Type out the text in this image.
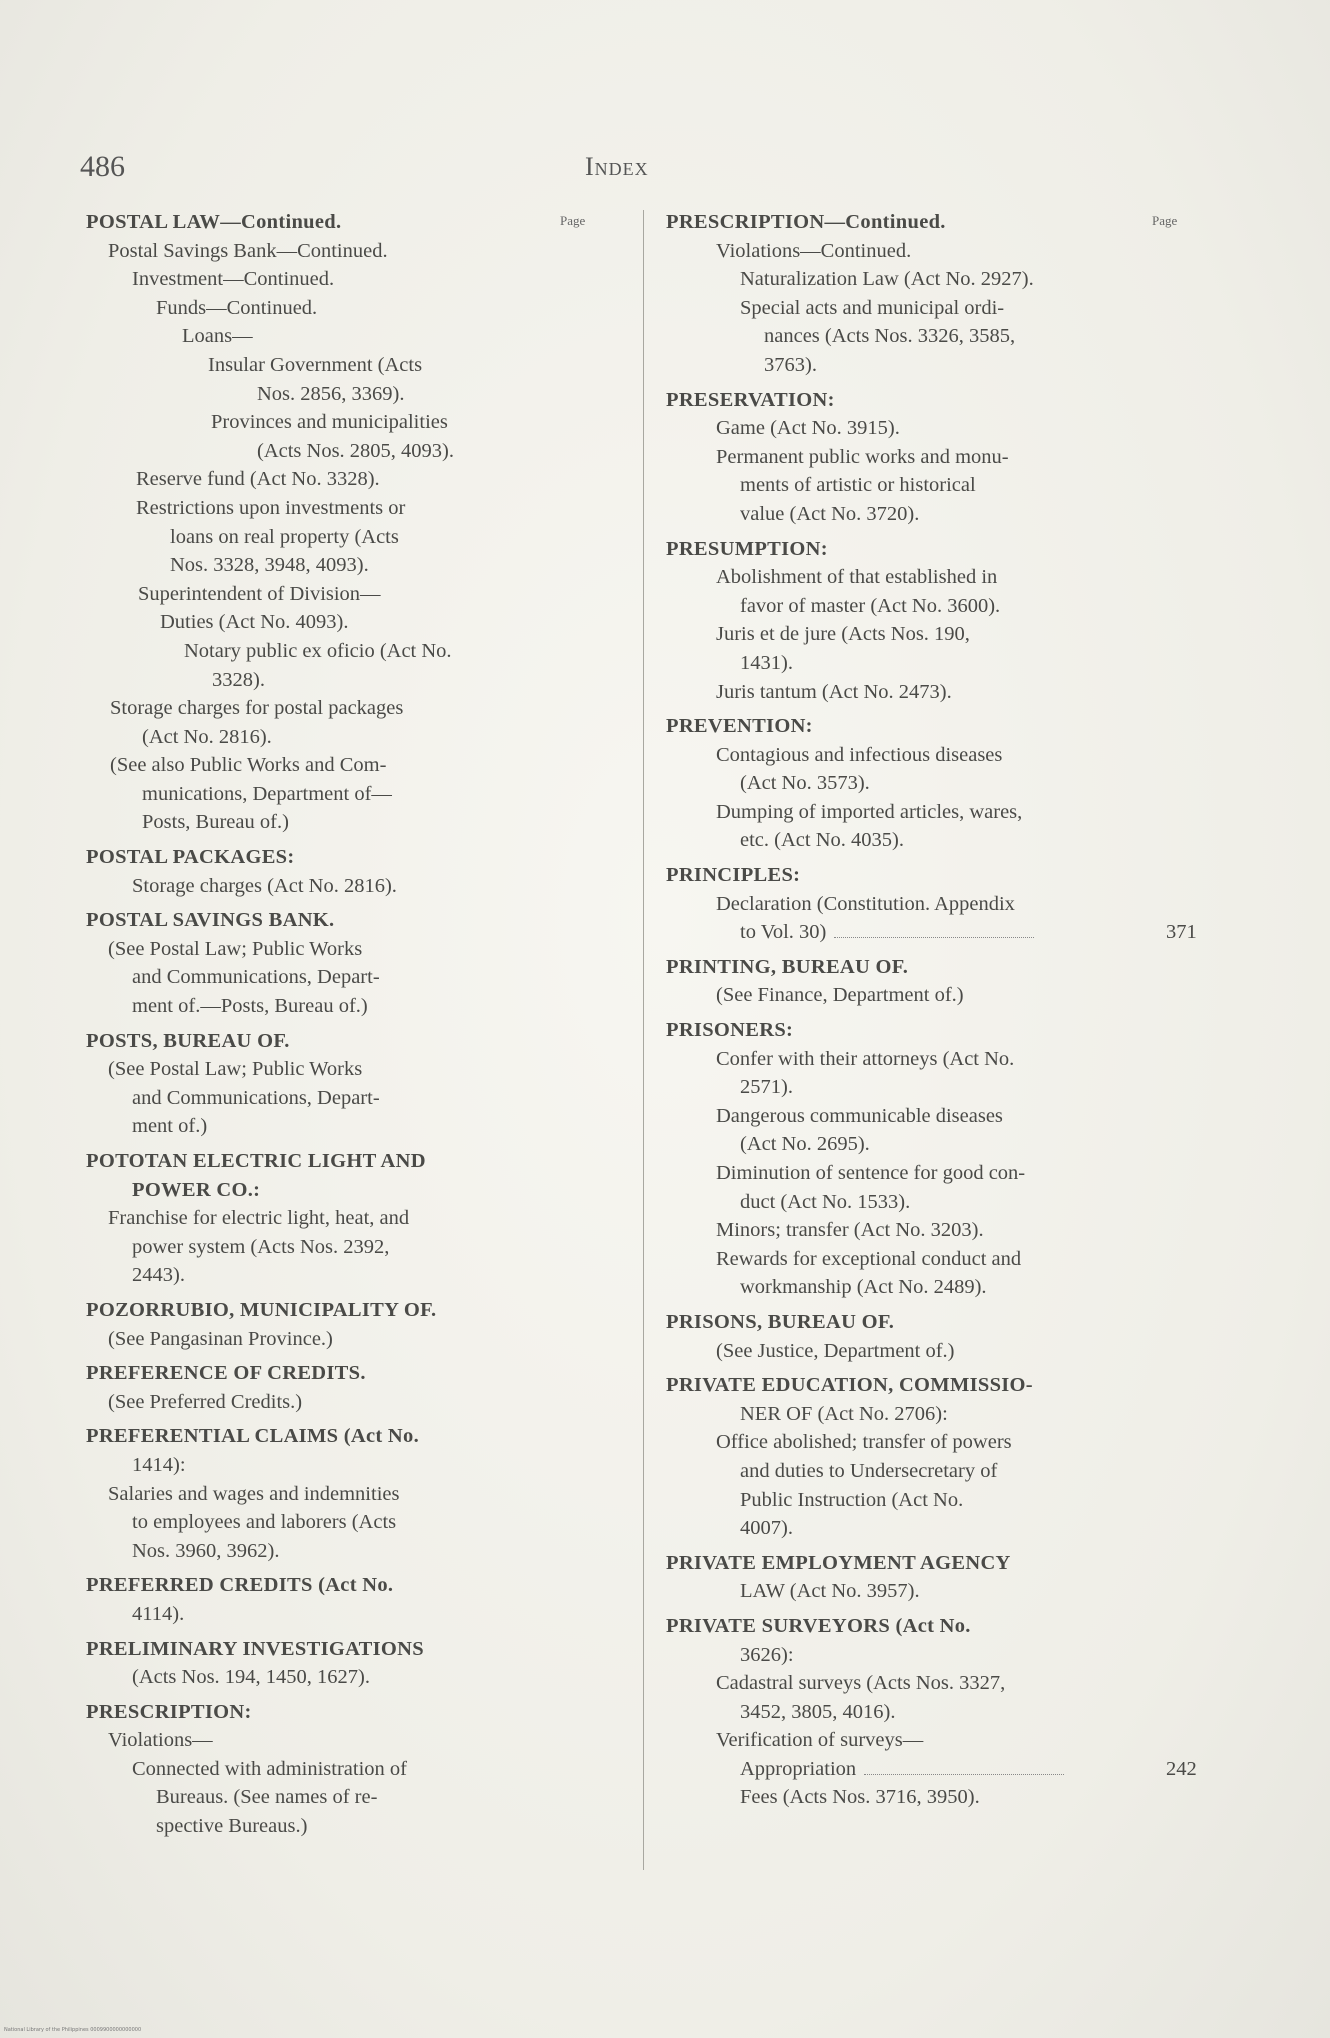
486	Index
Page	Page
POSTAL LAW—Continued.
Postal Savings Bank—Continued.
Investment—Continued.
Funds—Continued.
Loans—
Insular Government (Acts
Nos. 2856, 3369).
Provinces and municipalities
(Acts Nos. 2805, 4093).
Reserve fund (Act No. 3328).
Restrictions upon investments or
loans on real property (Acts
Nos. 3328, 3948, 4093).
Superintendent of Division—
Duties (Act No. 4093).
Notary public ex oficio (Act No.
3328).
Storage charges for postal packages
(Act No. 2816).
(See also Public Works and Com-
munications, Department of—
Posts, Bureau of.)
POSTAL PACKAGES:
Storage charges (Act No. 2816).
POSTAL SAVINGS BANK.
(See Postal Law; Public Works
and Communications, Depart-
ment of.—Posts, Bureau of.)
POSTS, BUREAU OF.
(See Postal Law; Public Works
and Communications, Depart-
ment of.)
POTOTAN ELECTRIC LIGHT AND
POWER CO.:
Franchise for electric light, heat, and
power system (Acts Nos. 2392,
2443).
POZORRUBIO, MUNICIPALITY OF.
(See Pangasinan Province.)
PREFERENCE OF CREDITS.
(See Preferred Credits.)
PREFERENTIAL CLAIMS (Act No.
1414):
Salaries and wages and indemnities
to employees and laborers (Acts
Nos. 3960, 3962).
PREFERRED CREDITS (Act No.
4114).
PRELIMINARY INVESTIGATIONS
(Acts Nos. 194, 1450, 1627).
PRESCRIPTION:
Violations—
Connected with administration of
Bureaus. (See names of re-
spective Bureaus.)
PRESCRIPTION—Continued.
Violations—Continued.
Naturalization Law (Act No. 2927).
Special acts and municipal ordi-
nances (Acts Nos. 3326, 3585,
3763).
PRESERVATION:
Game (Act No. 3915).
Permanent public works and monu-
ments of artistic or historical
value (Act No. 3720).
PRESUMPTION:
Abolishment of that established in
favor of master (Act No. 3600).
Juris et de jure (Acts Nos. 190,
1431).
Juris tantum (Act No. 2473).
PREVENTION:
Contagious and infectious diseases
(Act No. 3573).
Dumping of imported articles, wares,
etc. (Act No. 4035).
PRINCIPLES:
Declaration (Constitution. Appendix
to Vol. 30)	371
PRINTING, BUREAU OF.
(See Finance, Department of.)
PRISONERS:
Confer with their attorneys (Act No.
2571).
Dangerous communicable diseases
(Act No. 2695).
Diminution of sentence for good con-
duct (Act No. 1533).
Minors; transfer (Act No. 3203).
Rewards for exceptional conduct and
workmanship (Act No. 2489).
PRISONS, BUREAU OF.
(See Justice, Department of.)
PRIVATE EDUCATION, COMMISSIO-
NER OF (Act No. 2706):
Office abolished; transfer of powers
and duties to Undersecretary of
Public Instruction (Act No.
4007).
PRIVATE EMPLOYMENT AGENCY
LAW (Act No. 3957).
PRIVATE SURVEYORS (Act No.
3626):
Cadastral surveys (Acts Nos. 3327,
3452, 3805, 4016).
Verification of surveys—
Appropriation	242
Fees (Acts Nos. 3716, 3950).
National Library of the Philippines 0009900000000000
